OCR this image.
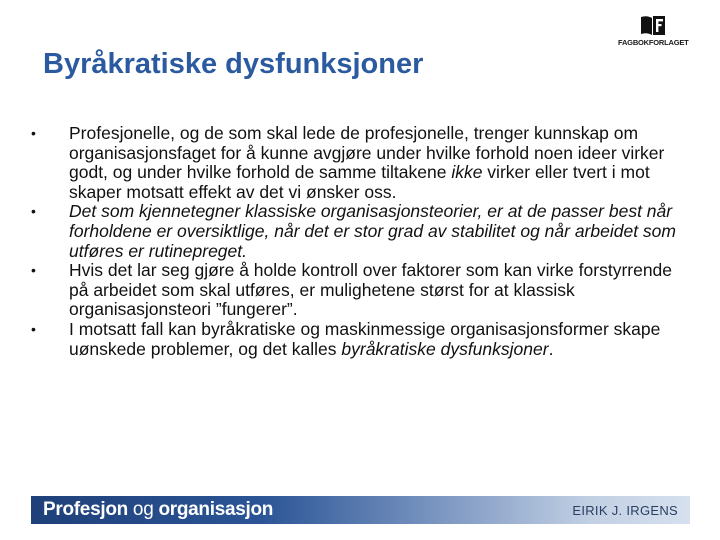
FAGBOKFORLAGET
Byråkratiske dysfunksjoner
• Profesjonelle, og de som skal lede de profesjonelle, trenger kunnskap om organisasjonsfaget for å kunne avgjøre under hvilke forhold noen ideer virker godt, og under hvilke forhold de samme tiltakene ikke virker eller tvert i mot skaper motsatt effekt av det vi ønsker oss.
• Det som kjennetegner klassiske organisasjonsteorier, er at de passer best når forholdene er oversiktlige, når det er stor grad av stabilitet og når arbeidet som utføres er rutinepreget.
• Hvis det lar seg gjøre å holde kontroll over faktorer som kan virke forstyrrende på arbeidet som skal utføres, er mulighetene størst for at klassisk organisasjonsteori ”fungerer”.
• I motsatt fall kan byråkratiske og maskinmessige organisasjonsformer skape uønskede problemer, og det kalles byråkratiske dysfunksjoner.
Profesjon og organisasjon	EIRIK J. IRGENS
